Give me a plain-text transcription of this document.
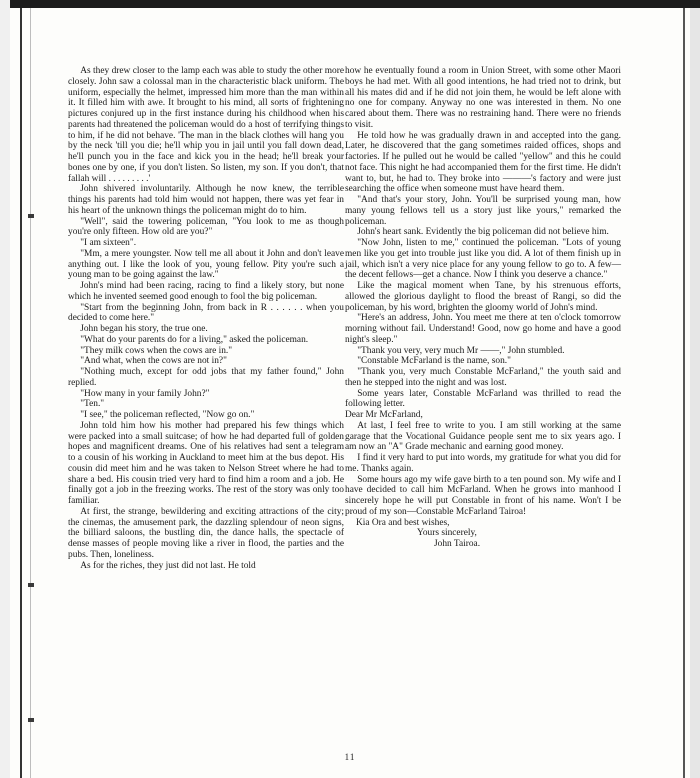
As they drew closer to the lamp each was able to study the other more closely. John saw a colossal man in the characteristic black uniform. The uniform, especially the helmet, impressed him more than the man within it. It filled him with awe. It brought to his mind, all sorts of frightening pictures conjured up in the first instance during his childhood when his parents had threatened the policeman would do a host of terrifying things to him, if he did not behave. 'The man in the black clothes will hang you by the neck 'till you die; he'll whip you in jail until you fall down dead, he'll punch you in the face and kick you in the head; he'll break your bones one by one, if you don't listen. So listen, my son. If you don't, that fallah will . . . . . . . . .'

John shivered involuntarily. Although he now knew, the terrible things his parents had told him would not happen, there was yet fear in his heart of the unknown things the policeman might do to him.

"Well", said the towering policeman, "You look to me as though you're only fifteen. How old are you?"

"I am sixteen".

"Mm, a mere youngster. Now tell me all about it John and don't leave anything out. I like the look of you, young fellow. Pity you're such a young man to be going against the law."

John's mind had been racing, racing to find a likely story, but none which he invented seemed good enough to fool the big policeman.

"Start from the beginning John, from back in R . . . . . . when you decided to come here."

John began his story, the true one.

"What do your parents do for a living," asked the policeman.

"They milk cows when the cows are in."

"And what, when the cows are not in?"

"Nothing much, except for odd jobs that my father found," John replied.

"How many in your family John?"

"Ten."

"I see," the policeman reflected, "Now go on."

John told him how his mother had prepared his few things which were packed into a small suitcase; of how he had departed full of golden hopes and magnificent dreams. One of his relatives had sent a telegram to a cousin of his working in Auckland to meet him at the bus depot. His cousin did meet him and he was taken to Nelson Street where he had to share a bed. His cousin tried very hard to find him a room and a job. He finally got a job in the freezing works. The rest of the story was only too familiar.

At first, the strange, bewildering and exciting attractions of the city; the cinemas, the amusement park, the dazzling splendour of neon signs, the billiard saloons, the bustling din, the dance halls, the spectacle of dense masses of people moving like a river in flood, the parties and the pubs. Then, loneliness.

As for the riches, they just did not last. He told

how he eventually found a room in Union Street, with some other Maori boys he had met. With all good intentions, he had tried not to drink, but all his mates did and if he did not join them, he would be left alone with no one for company. Anyway no one was interested in them. No one cared about them. There was no restraining hand. There were no friends to visit.

He told how he was gradually drawn in and accepted into the gang. Later, he discovered that the gang sometimes raided offices, shops and factories. If he pulled out he would be called "yellow" and this he could not face. This night he had accompanied them for the first time. He didn't want to, but, he had to. They broke into ———'s factory and were just searching the office when someone must have heard them.

"And that's your story, John. You'll be surprised young man, how many young fellows tell us a story just like yours," remarked the policeman.

John's heart sank. Evidently the big policeman did not believe him.

"Now John, listen to me," continued the policeman. "Lots of young men like you get into trouble just like you did. A lot of them finish up in jail, which isn't a very nice place for any young fellow to go to. A few—the decent fellows—get a chance. Now I think you deserve a chance."

Like the magical moment when Tane, by his strenuous efforts, allowed the glorious daylight to flood the breast of Rangi, so did the policeman, by his word, brighten the gloomy world of John's mind.

"Here's an address, John. You meet me there at ten o'clock tomorrow morning without fail. Understand! Good, now go home and have a good night's sleep."

"Thank you very, very much Mr ——," John stumbled.

"Constable McFarland is the name, son."

"Thank you, very much Constable McFarland," the youth said and then he stepped into the night and was lost.

Some years later, Constable McFarland was thrilled to read the following letter.

Dear Mr McFarland,

At last, I feel free to write to you. I am still working at the same garage that the Vocational Guidance people sent me to six years ago. I am now an "A" Grade mechanic and earning good money.

I find it very hard to put into words, my gratitude for what you did for me. Thanks again.

Some hours ago my wife gave birth to a ten pound son. My wife and I have decided to call him McFarland. When he grows into manhood I sincerely hope he will put Constable in front of his name. Won't I be proud of my son—Constable McFarland Tairoa!

Kia Ora and best wishes,

Yours sincerely,

John Tairoa.

11
